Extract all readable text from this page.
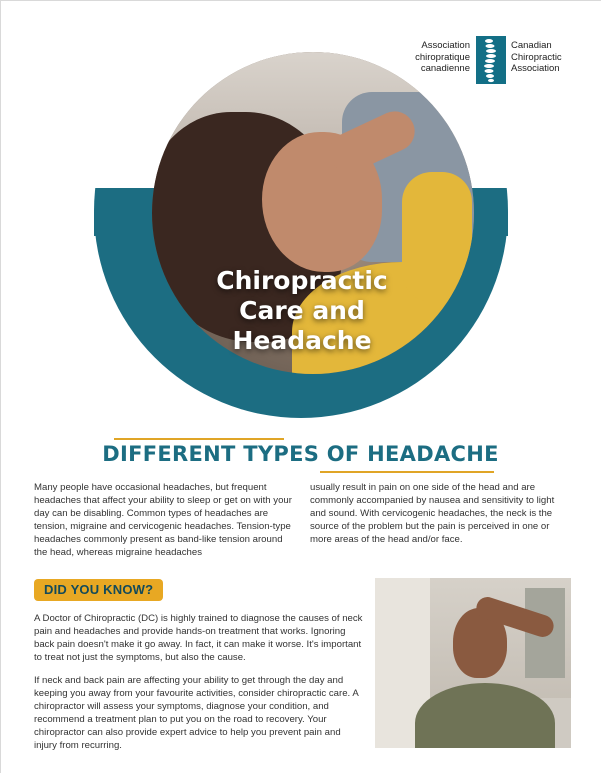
Association	Canadian
Chiropractic
Association
Chiropractic
Care and
Headache
DIFFERENT TYPES OF HEADACHE
Many people have occasional headaches, but frequent headaches that affect your ability to sleep or get on with your day can be disabling. Common types of headaches are tension, migraine and cervicogenic headaches. Tension-type headaches commonly present as band-like tension around the head, whereas migraine headaches
usually result in pain on one side of the head and are commonly accompanied by nausea and sensitivity to light and sound. With cervicogenic headaches, the neck is the source of the problem but the pain is perceived in one or more areas of the head and/or face.
DID YOU KNOW?

A Doctor of Chiropractic (DC) is highly trained to diagnose the causes of neck pain and headaches and provide hands-on treatment that works. Ignoring back pain doesn't make it go away. In fact, it can make it worse. It's important to treat not just the symptoms, but also the cause.

If neck and back pain are affecting your ability to get through the day and keeping you away from your favourite activities, consider chiropractic care. A chiropractor will assess your symptoms, diagnose your condition, and recommend a treatment plan to put you on the road to recovery. Your chiropractor can also provide expert advice to help you prevent pain and injury from recurring.
